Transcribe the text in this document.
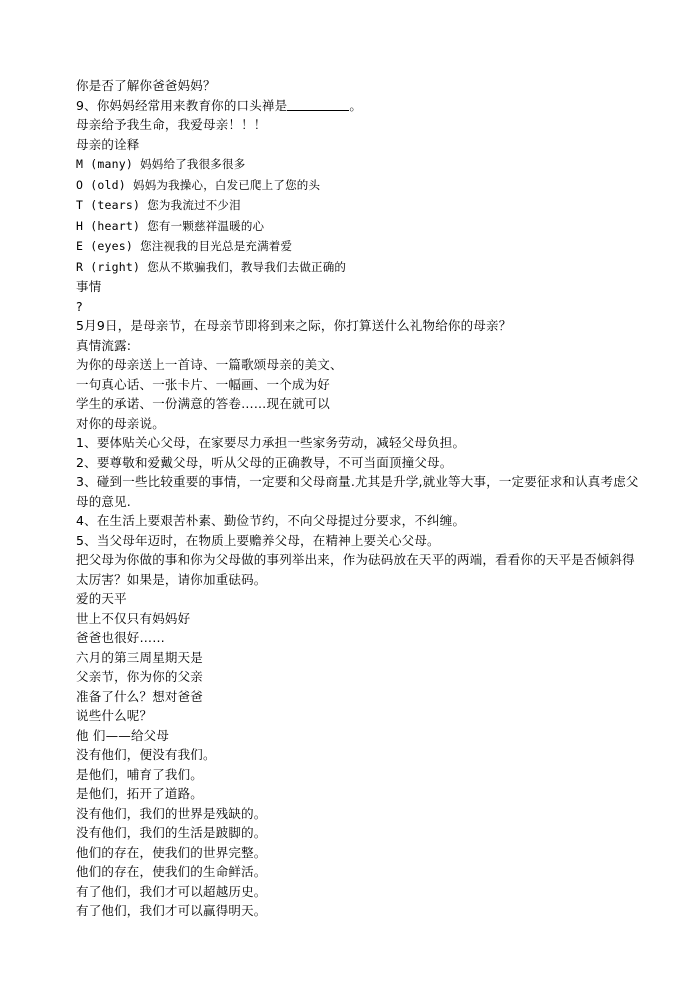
你是否了解你爸爸妈妈？
9、你妈妈经常用来教育你的口头禅是	。
母亲给予我生命，我爱母亲！！！
母亲的诠释
M (many) 妈妈给了我很多很多
O (old) 妈妈为我操心，白发已爬上了您的头
T (tears) 您为我流过不少泪
H (heart) 您有一颗慈祥温暖的心
E (eyes) 您注视我的目光总是充满着爱
R (right) 您从不欺骗我们，教导我们去做正确的
事情
?
5月9日，是母亲节，在母亲节即将到来之际，你打算送什么礼物给你的母亲？
真情流露:
为你的母亲送上一首诗、一篇歌颂母亲的美文、
一句真心话、一张卡片、一幅画、一个成为好
学生的承诺、一份满意的答卷……现在就可以
对你的母亲说。
1、要体贴关心父母，在家要尽力承担一些家务劳动，减轻父母负担。
2、要尊敬和爱戴父母，听从父母的正确教导，不可当面顶撞父母。
3、碰到一些比较重要的事情，一定要和父母商量.尤其是升学,就业等大事，一定要征求和认真考虑父母的意见.
4、在生活上要艰苦朴素、勤俭节约，不向父母提过分要求，不纠缠。
5、当父母年迈时，在物质上要赡养父母，在精神上要关心父母。
把父母为你做的事和你为父母做的事列举出来，作为砝码放在天平的两端，看看你的天平是否倾斜得太厉害？如果是，请你加重砝码。
爱的天平
世上不仅只有妈妈好
爸爸也很好……
六月的第三周星期天是
父亲节，你为你的父亲
准备了什么？想对爸爸
说些什么呢？
他 们——给父母
没有他们，便没有我们。
是他们，哺育了我们。
是他们，拓开了道路。
没有他们，我们的世界是残缺的。
没有他们，我们的生活是跛脚的。
他们的存在，使我们的世界完整。
他们的存在，使我们的生命鲜活。
有了他们，我们才可以超越历史。
有了他们，我们才可以赢得明天。
